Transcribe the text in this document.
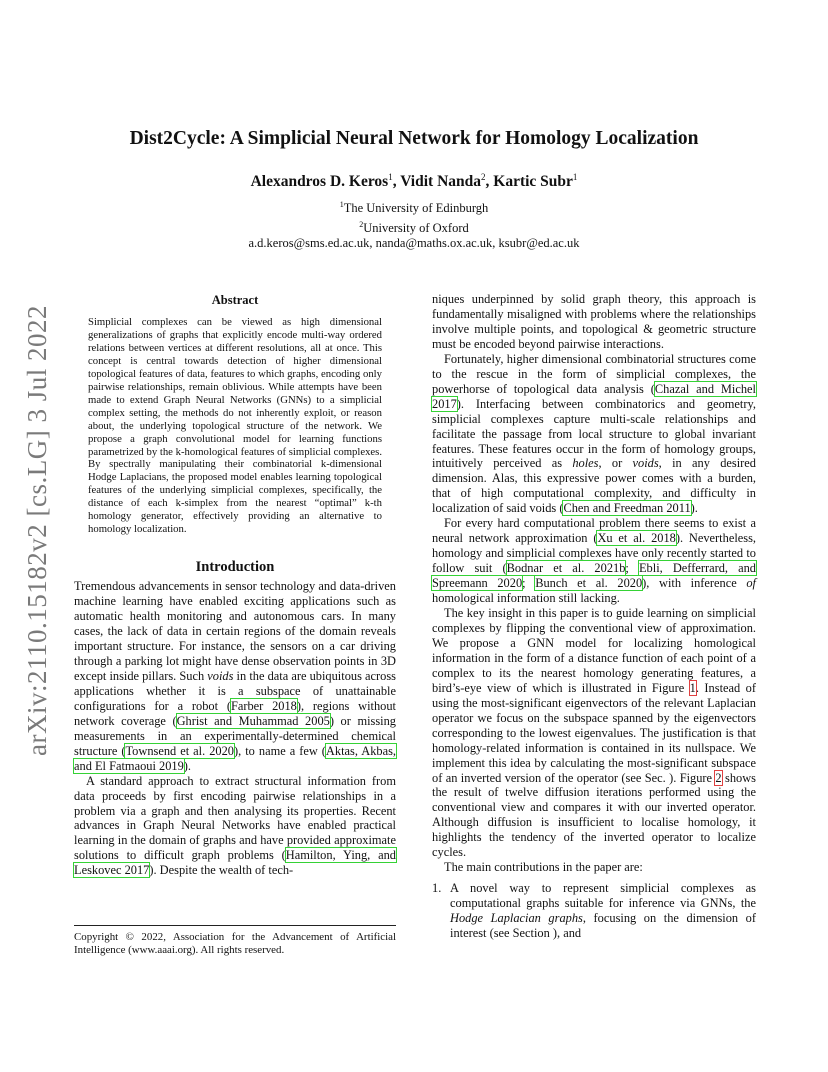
arXiv:2110.15182v2 [cs.LG] 3 Jul 2022
Dist2Cycle: A Simplicial Neural Network for Homology Localization
Alexandros D. Keros$^1$, Vidit Nanda$^2$, Kartic Subr$^1$
$^1$The University of Edinburgh
$^2$University of Oxford
a.d.keros@sms.ed.ac.uk, nanda@maths.ox.ac.uk, ksubr@ed.ac.uk
Abstract
Simplicial complexes can be viewed as high dimensional generalizations of graphs that explicitly encode multi-way ordered relations between vertices at different resolutions, all at once. This concept is central towards detection of higher dimensional topological features of data, features to which graphs, encoding only pairwise relationships, remain oblivious. While attempts have been made to extend Graph Neural Networks (GNNs) to a simplicial complex setting, the methods do not inherently exploit, or reason about, the underlying topological structure of the network. We propose a graph convolutional model for learning functions parametrized by the k-homological features of simplicial complexes. By spectrally manipulating their combinatorial k-dimensional Hodge Laplacians, the proposed model enables learning topological features of the underlying simplicial complexes, specifically, the distance of each k-simplex from the nearest “optimal” k-th homology generator, effectively providing an alternative to homology localization.
Introduction

Tremendous advancements in sensor technology and data-driven machine learning have enabled exciting applications such as automatic health monitoring and autonomous cars. In many cases, the lack of data in certain regions of the domain reveals important structure. For instance, the sensors on a car driving through a parking lot might have dense observation points in 3D except inside pillars. Such voids in the data are ubiquitous across applications whether it is a subspace of unattainable configurations for a robot (Farber 2018), regions without network coverage (Ghrist and Muhammad 2005) or missing measurements in an experimentally-determined chemical structure (Townsend et al. 2020), to name a few (Aktas, Akbas, and El Fatmaoui 2019).

A standard approach to extract structural information from data proceeds by first encoding pairwise relationships in a problem via a graph and then analysing its properties. Recent advances in Graph Neural Networks have enabled practical learning in the domain of graphs and have provided approximate solutions to difficult graph problems (Hamilton, Ying, and Leskovec 2017). Despite the wealth of tech-

Copyright © 2022, Association for the Advancement of Artificial Intelligence (www.aaai.org). All rights reserved.

niques underpinned by solid graph theory, this approach is fundamentally misaligned with problems where the relationships involve multiple points, and topological & geometric structure must be encoded beyond pairwise interactions.

Fortunately, higher dimensional combinatorial structures come to the rescue in the form of simplicial complexes, the powerhorse of topological data analysis (Chazal and Michel 2017). Interfacing between combinatorics and geometry, simplicial complexes capture multi-scale relationships and facilitate the passage from local structure to global invariant features. These features occur in the form of homology groups, intuitively perceived as holes, or voids, in any desired dimension. Alas, this expressive power comes with a burden, that of high computational complexity, and difficulty in localization of said voids (Chen and Freedman 2011).

For every hard computational problem there seems to exist a neural network approximation (Xu et al. 2018). Nevertheless, homology and simplicial complexes have only recently started to follow suit (Bodnar et al. 2021b; Ebli, Defferrard, and Spreemann 2020; Bunch et al. 2020), with inference of homological information still lacking.

The key insight in this paper is to guide learning on simplicial complexes by flipping the conventional view of approximation. We propose a GNN model for localizing homological information in the form of a distance function of each point of a complex to its the nearest homology generating features, a bird’s-eye view of which is illustrated in Figure 1. Instead of using the most-significant eigenvectors of the relevant Laplacian operator we focus on the subspace spanned by the eigenvectors corresponding to the lowest eigenvalues. The justification is that homology-related information is contained in its nullspace. We implement this idea by calculating the most-significant subspace of an inverted version of the operator (see Sec. ). Figure 2 shows the result of twelve diffusion iterations performed using the conventional view and compares it with our inverted operator. Although diffusion is insufficient to localise homology, it highlights the tendency of the inverted operator to localize cycles.

The main contributions in the paper are:

1. A novel way to represent simplicial complexes as computational graphs suitable for inference via GNNs, the Hodge Laplacian graphs, focusing on the dimension of interest (see Section ), and
